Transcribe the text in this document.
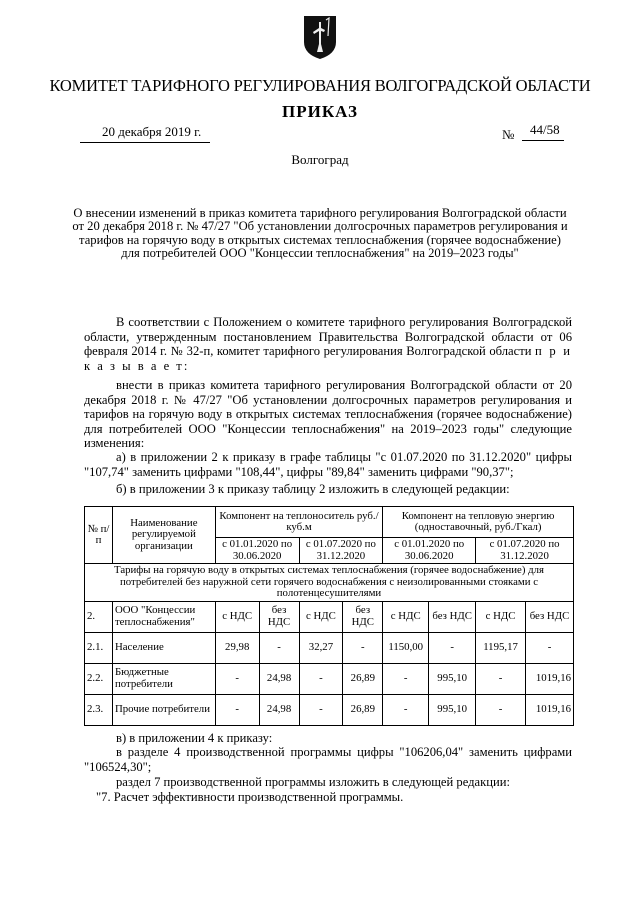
КОМИТЕТ ТАРИФНОГО РЕГУЛИРОВАНИЯ ВОЛГОГРАДСКОЙ ОБЛАСТИ
ПРИКАЗ
20 декабря 2019 г.	№ 44/58
Волгоград
О внесении изменений в приказ комитета тарифного регулирования Волгоградской области от 20 декабря 2018 г. № 47/27 "Об установлении долгосрочных параметров регулирования и тарифов на горячую воду в открытых системах теплоснабжения (горячее водоснабжение) для потребителей ООО "Концессии теплоснабжения" на 2019–2023 годы"
В соответствии с Положением о комитете тарифного регулирования Волгоградской области, утвержденным постановлением Правительства Волгоградской области от 06 февраля 2014 г. № 32-п, комитет тарифного регулирования Волгоградской области п р и к а з ы в а е т:
внести в приказ комитета тарифного регулирования Волгоградской области от 20 декабря 2018 г. № 47/27 "Об установлении долгосрочных параметров регулирования и тарифов на горячую воду в открытых системах теплоснабжения (горячее водоснабжение) для потребителей ООО "Концессии теплоснабжения" на 2019–2023 годы" следующие изменения:
а) в приложении 2 к приказу в графе таблицы "с 01.07.2020 по 31.12.2020" цифры "107,74" заменить цифрами "108,44", цифры "89,84" заменить цифрами "90,37";
б) в приложении 3 к приказу таблицу 2 изложить в следующей редакции:
№ п/п	Наименование регулируемой организации	Компонент на теплоноситель руб./куб.м				Компонент на тепловую энергию (одноставочный, руб./Гкал)			
		с 01.01.2020 по 30.06.2020		с 01.07.2020 по 31.12.2020		с 01.01.2020 по 30.06.2020		с 01.07.2020 по 31.12.2020	
Тарифы на горячую воду в открытых системах теплоснабжения (горячее водоснабжение) для потребителей без наружной сети горячего водоснабжения с неизолированными стояками с полотенцесушителями									
2.	ООО "Концессии теплоснабжения"	с НДС	без НДС	с НДС	без НДС	с НДС	без НДС	с НДС	без НДС
2.1.	Население	29,98	-	32,27	-	1150,00	-	1195,17	-
2.2.	Бюджетные потребители	-	24,98	-	26,89	-	995,10	-	1019,16
2.3.	Прочие потребители	-	24,98	-	26,89	-	995,10	-	1019,16
в) в приложении 4 к приказу:
в разделе 4 производственной программы цифры "106206,04" заменить цифрами "106524,30";
раздел 7 производственной программы изложить в следующей редакции:
"7. Расчет эффективности производственной программы.
